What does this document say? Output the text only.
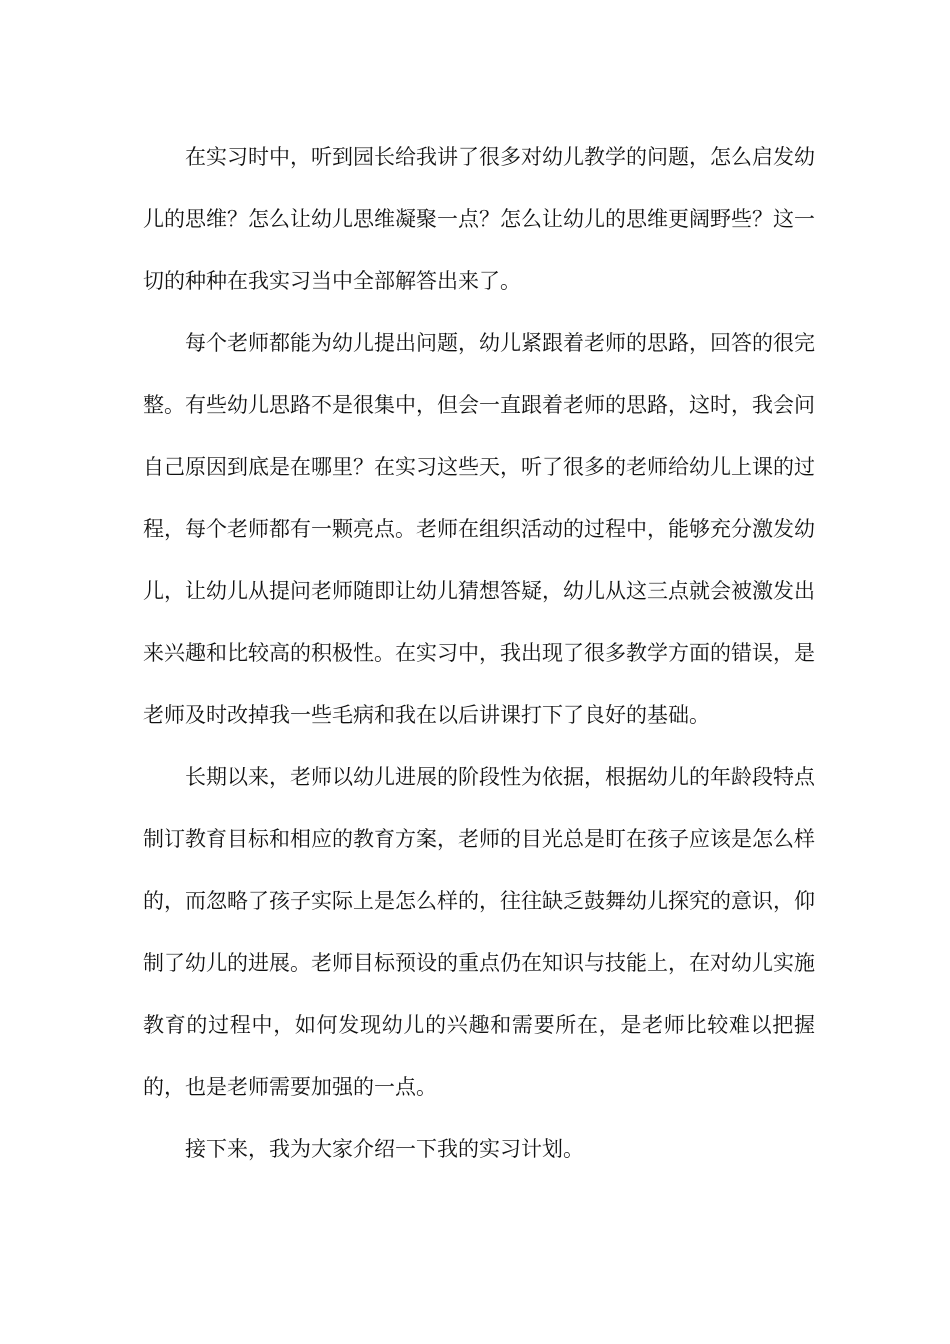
在实习时中，听到园长给我讲了很多对幼儿教学的问题，怎么启发幼儿的思维？怎么让幼儿思维凝聚一点？怎么让幼儿的思维更阔野些？这一切的种种在我实习当中全部解答出来了。

每个老师都能为幼儿提出问题，幼儿紧跟着老师的思路，回答的很完整。有些幼儿思路不是很集中，但会一直跟着老师的思路，这时，我会问自己原因到底是在哪里？在实习这些天，听了很多的老师给幼儿上课的过程，每个老师都有一颗亮点。老师在组织活动的过程中，能够充分激发幼儿，让幼儿从提问老师随即让幼儿猜想答疑，幼儿从这三点就会被激发出来兴趣和比较高的积极性。在实习中，我出现了很多教学方面的错误，是老师及时改掉我一些毛病和我在以后讲课打下了良好的基础。

长期以来，老师以幼儿进展的阶段性为依据，根据幼儿的年龄段特点制订教育目标和相应的教育方案，老师的目光总是盯在孩子应该是怎么样的，而忽略了孩子实际上是怎么样的，往往缺乏鼓舞幼儿探究的意识，仰制了幼儿的进展。老师目标预设的重点仍在知识与技能上，在对幼儿实施教育的过程中，如何发现幼儿的兴趣和需要所在，是老师比较难以把握的，也是老师需要加强的一点。

接下来，我为大家介绍一下我的实习计划。
